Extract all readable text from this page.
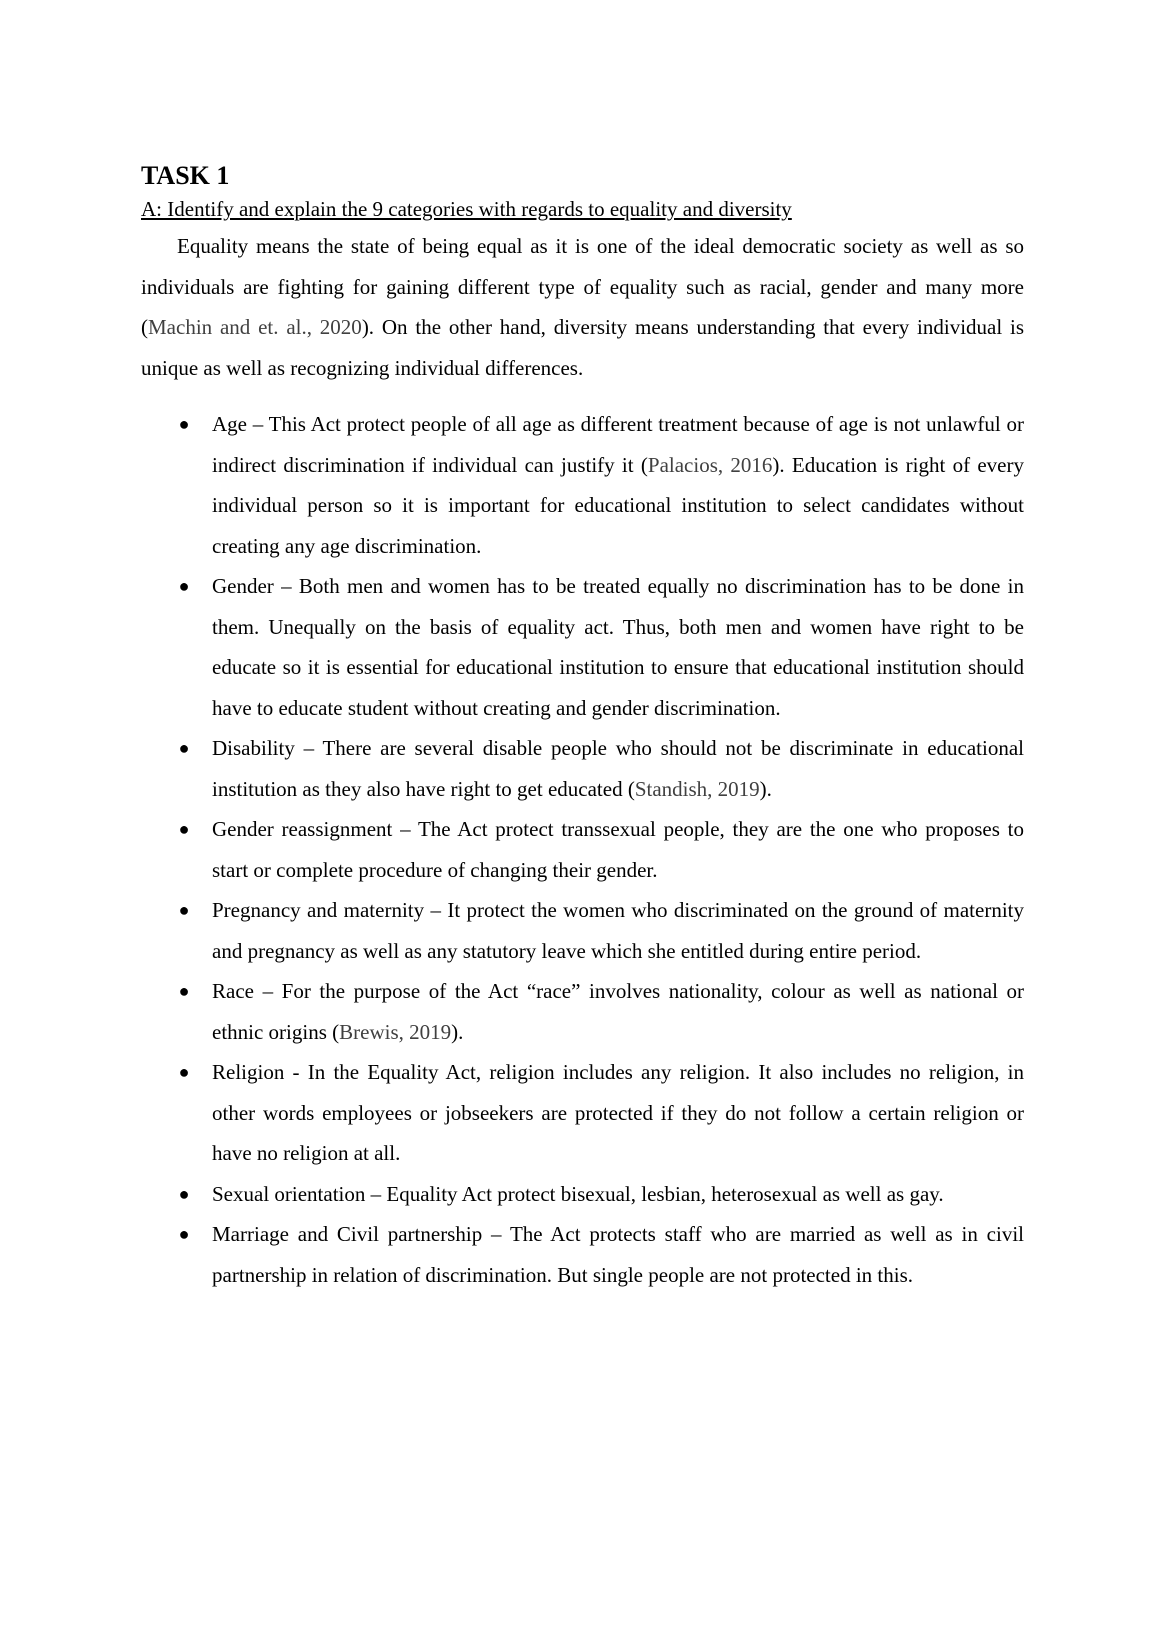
TASK 1

A: Identify and explain the 9 categories with regards to equality and diversity

Equality means the state of being equal as it is one of the ideal democratic society as well as so individuals are fighting for gaining different type of equality such as racial, gender and many more (Machin and et. al., 2020). On the other hand, diversity means understanding that every individual is unique as well as recognizing individual differences.

● Age – This Act protect people of all age as different treatment because of age is not unlawful or indirect discrimination if individual can justify it (Palacios, 2016). Education is right of every individual person so it is important for educational institution to select candidates without creating any age discrimination.
● Gender – Both men and women has to be treated equally no discrimination has to be done in them. Unequally on the basis of equality act. Thus, both men and women have right to be educate so it is essential for educational institution to ensure that educational institution should have to educate student without creating and gender discrimination.
● Disability – There are several disable people who should not be discriminate in educational institution as they also have right to get educated (Standish, 2019).
● Gender reassignment – The Act protect transsexual people, they are the one who proposes to start or complete procedure of changing their gender.
● Pregnancy and maternity – It protect the women who discriminated on the ground of maternity and pregnancy as well as any statutory leave which she entitled during entire period.
● Race – For the purpose of the Act “race” involves nationality, colour as well as national or ethnic origins (Brewis, 2019).
● Religion - In the Equality Act, religion includes any religion. It also includes no religion, in other words employees or jobseekers are protected if they do not follow a certain religion or have no religion at all.
● Sexual orientation – Equality Act protect bisexual, lesbian, heterosexual as well as gay.
● Marriage and Civil partnership – The Act protects staff who are married as well as in civil partnership in relation of discrimination. But single people are not protected in this.
